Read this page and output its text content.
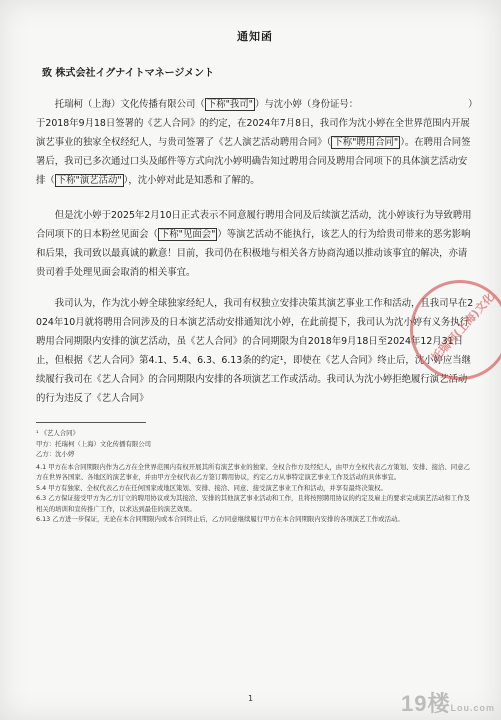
通知函
致 株式会社イグナイトマネージメント

托瑞柯（上海）文化传播有限公司（ 下称"我司" ）与沈小婷（身份证号：	）于2018年9月18日签署的《艺人合同》的约定，在2024年7月8日，我司作为沈小婷在全世界范围内开展演艺事业的独家全权经纪人，与贵司签署了《艺人演艺活动聘用合同》（ 下称"聘用合同" ）。在聘用合同签署后，我司已多次通过口头及邮件等方式向沈小婷明确告知过聘用合同及聘用合同项下的具体演艺活动安排（ 下称"演艺活动" ），沈小婷对此是知悉和了解的。

但是沈小婷于2025年2月10日正式表示不同意履行聘用合同及后续演艺活动，沈小婷该行为导致聘用合同项下的日本粉丝见面会（ 下称"见面会" ）等演艺活动不能执行，该艺人的行为给贵司带来的恶劣影响和后果，我司致以最真诚的歉意！目前，我司仍在积极地与相关各方协商沟通以推动该事宜的解决，亦请贵司着手处理见面会取消的相关事宜。

我司认为，作为沈小婷全球独家经纪人，我司有权独立安排决策其演艺事业工作和活动，且我司早在2024年10月就将聘用合同涉及的日本演艺活动安排通知沈小婷，在此前提下，我司认为沈小婷有义务执行聘用合同期限内安排的演艺活动，虽《艺人合同》的合同期限为自2018年9月18日至2024年12月31日止，但根据《艺人合同》第4.1、5.4、6.3、6.13条的约定¹，即使在《艺人合同》终止后，沈小婷应当继续履行我司在《艺人合同》的合同期限内安排的各项演艺工作或活动。我司认为沈小婷拒绝履行演艺活动的行为违反了《艺人合同》

¹ 《艺人合同》

甲方：托瑞柯（上海）文化传播有限公司

乙方：沈小婷

4.1 甲方在本合同期限内作为乙方在全世界范围内有权开展其所有演艺事业的独家、全权合作方及经纪人，由甲方全权代表乙方策划、安排、接洽、同意乙方在世界各国家、各地区的演艺事业，并由甲方全权代表乙方签订聘用协议，约定乙方从事特定演艺事业工作及活动的具体事宜。

5.4 甲方有独家、全权代表乙方在任何国家或地区策划、安排、接洽、同意、接受演艺事业工作和活动，并享有最终决策权。

6.3 乙方保证接受甲方为乙方订立的聘用协议或为其接洽、安排的其他演艺事业活动和工作，且将按照聘用协议的约定及雇主的要求完成演艺活动和工作及相关的培训和宣传推广工作，以求达到最佳的演艺效果。

6.13 乙方进一步保证，无论在本合同期限内或本合同终止后，乙方同意继续履行甲方在本合同期限内安排的各项演艺工作或活动。

托瑞柯(上海)文化
1	19楼Lou.com
